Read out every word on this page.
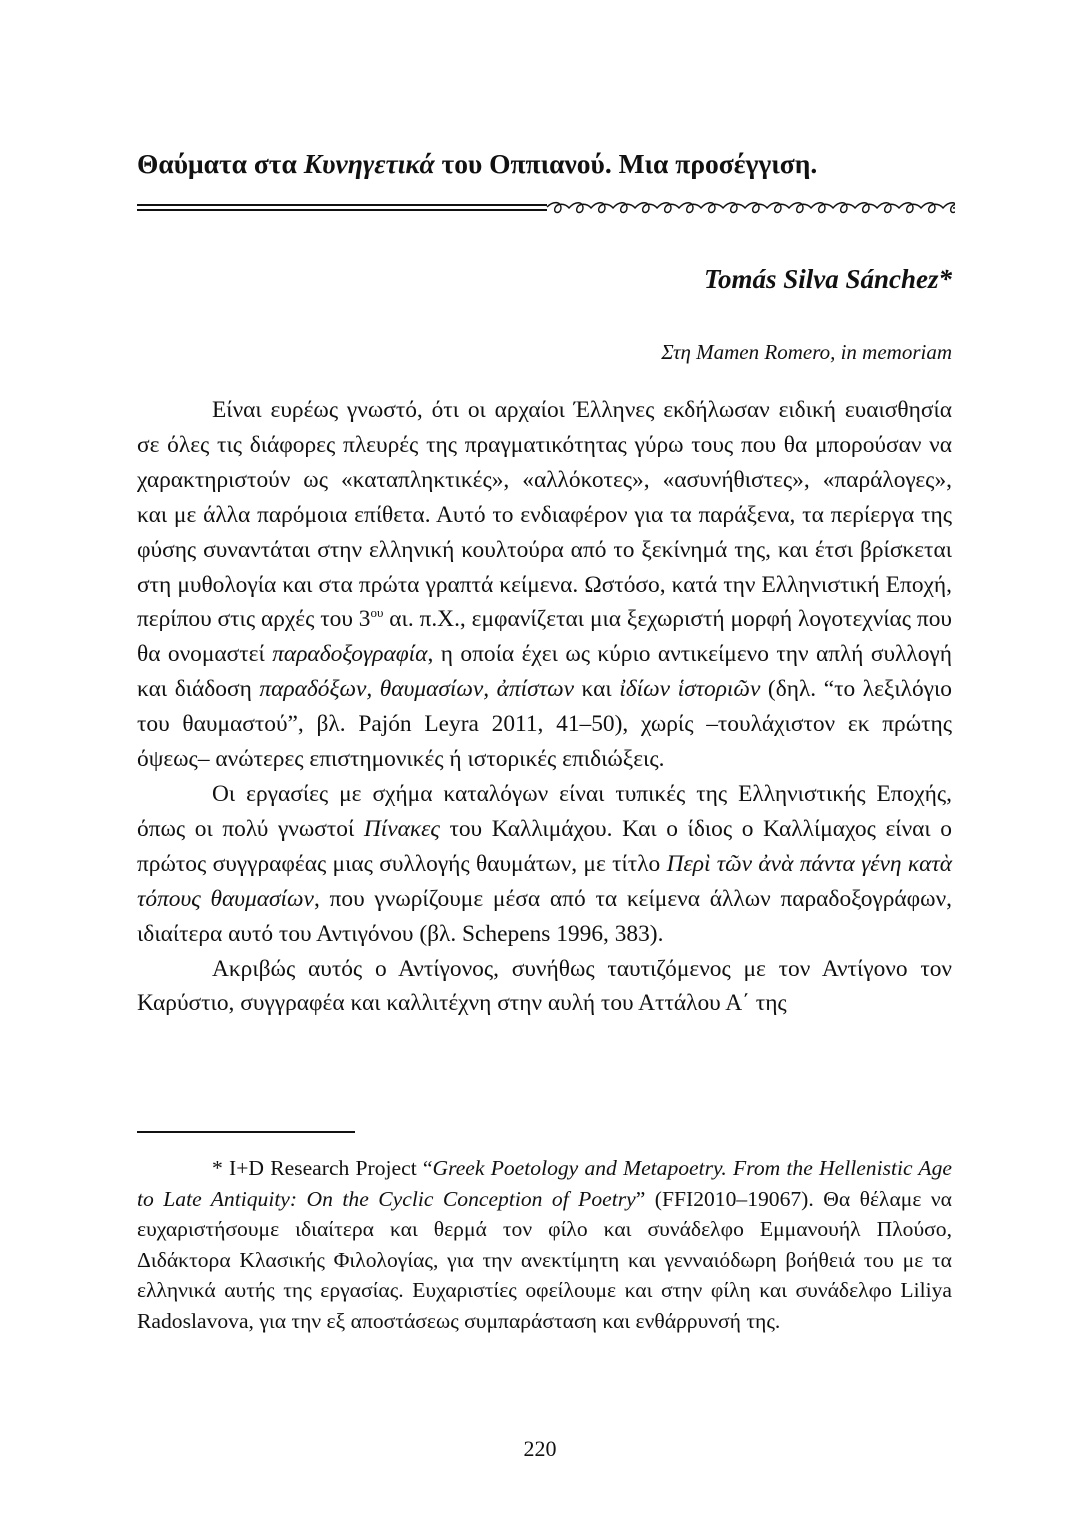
Θαύματα στα Κυνηγετικά του Οππιανού. Μια προσέγγιση.

Tomás Silva Sánchez*

Στη Mamen Romero, in memoriam

Είναι ευρέως γνωστό, ότι οι αρχαίοι Έλληνες εκδήλωσαν ειδική ευαισθησία σε όλες τις διάφορες πλευρές της πραγματικότητας γύρω τους που θα μπορούσαν να χαρακτηριστούν ως «καταπληκτικές», «αλλόκοτες», «ασυνήθιστες», «παράλογες», και με άλλα παρόμοια επίθετα. Αυτό το ενδιαφέρον για τα παράξενα, τα περίεργα της φύσης συναντάται στην ελληνική κουλτούρα από το ξεκίνημά της, και έτσι βρίσκεται στη μυθολογία και στα πρώτα γραπτά κείμενα. Ωστόσο, κατά την Ελληνιστική Εποχή, περίπου στις αρχές του $3^{o\upsilon}$ αι. π.Χ., εμφανίζεται μια ξεχωριστή μορφή λογοτεχνίας που θα ονομαστεί παραδοξογραφία, η οποία έχει ως κύριο αντικείμενο την απλή συλλογή και διάδοση παραδόξων, θαυμασίων, ἀπίστων και ἰδίων ἱστοριῶν (δηλ. “το λεξιλόγιο του θαυμαστού”, βλ. Pajón Leyra 2011, 41–50), χωρίς –τουλάχιστον εκ πρώτης όψεως– ανώτερες επιστημονικές ή ιστορικές επιδιώξεις.

Οι εργασίες με σχήμα καταλόγων είναι τυπικές της Ελληνιστικής Εποχής, όπως οι πολύ γνωστοί Πίνακες του Καλλιμάχου. Και ο ίδιος ο Καλλίμαχος είναι ο πρώτος συγγραφέας μιας συλλογής θαυμάτων, με τίτλο Περὶ τῶν ἀνὰ πάντα γένη κατὰ τόπους θαυμασίων, που γνωρίζουμε μέσα από τα κείμενα άλλων παραδοξογράφων, ιδιαίτερα αυτό του Αντιγόνου (βλ. Schepens 1996, 383).

Ακριβώς αυτός ο Αντίγονος, συνήθως ταυτιζόμενος με τον Αντίγονο τον Καρύστιο, συγγραφέα και καλλιτέχνη στην αυλή του Αττάλου Α΄ της

* I+D Research Project “Greek Poetology and Metapoetry. From the Hellenistic Age to Late Antiquity: On the Cyclic Conception of Poetry” (FFI2010–19067). Θα θέλαμε να ευχαριστήσουμε ιδιαίτερα και θερμά τον φίλο και συνάδελφο Εμμανουήλ Πλούσο, Διδάκτορα Κλασικής Φιλολογίας, για την ανεκτίμητη και γενναιόδωρη βοήθειά του με τα ελληνικά αυτής της εργασίας. Ευχαριστίες οφείλουμε και στην φίλη και συνάδελφο Liliya Radoslavova, για την εξ αποστάσεως συμπαράσταση και ενθάρρυνσή της.

220
